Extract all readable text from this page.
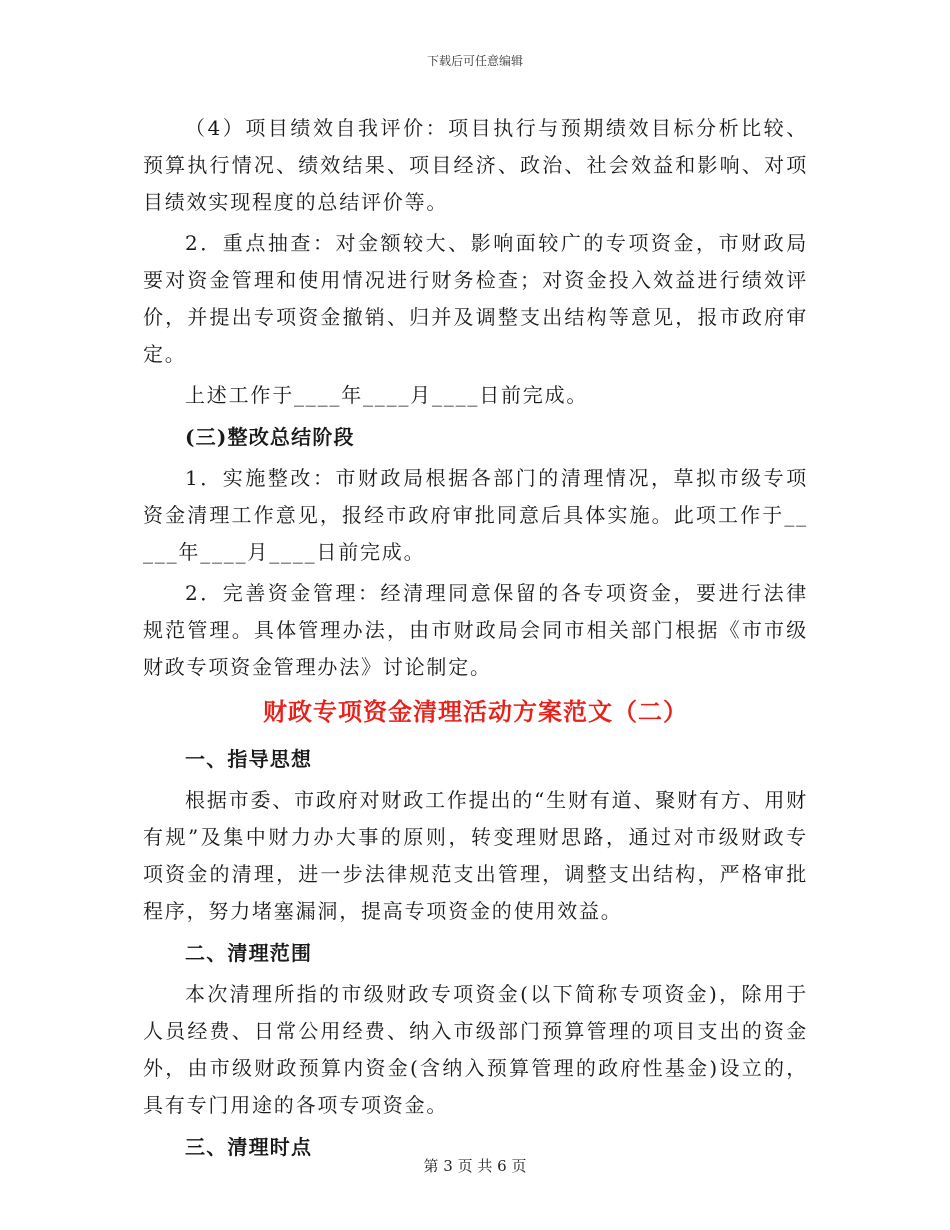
下载后可任意编辑

（4）项目绩效自我评价：项目执行与预期绩效目标分析比较、预算执行情况、绩效结果、项目经济、政治、社会效益和影响、对项目绩效实现程度的总结评价等。

2．重点抽查：对金额较大、影响面较广的专项资金，市财政局要对资金管理和使用情况进行财务检查；对资金投入效益进行绩效评价，并提出专项资金撤销、归并及调整支出结构等意见，报市政府审定。

上述工作于____年____月____日前完成。

(三)整改总结阶段

1．实施整改：市财政局根据各部门的清理情况，草拟市级专项资金清理工作意见，报经市政府审批同意后具体实施。此项工作于_____年____月____日前完成。

2．完善资金管理：经清理同意保留的各专项资金，要进行法律规范管理。具体管理办法，由市财政局会同市相关部门根据《市市级财政专项资金管理办法》讨论制定。

财政专项资金清理活动方案范文（二）

一、指导思想

根据市委、市政府对财政工作提出的“生财有道、聚财有方、用财有规”及集中财力办大事的原则，转变理财思路，通过对市级财政专项资金的清理，进一步法律规范支出管理，调整支出结构，严格审批程序，努力堵塞漏洞，提高专项资金的使用效益。

二、清理范围

本次清理所指的市级财政专项资金(以下简称专项资金)，除用于人员经费、日常公用经费、纳入市级部门预算管理的项目支出的资金外，由市级财政预算内资金(含纳入预算管理的政府性基金)设立的，具有专门用途的各项专项资金。

三、清理时点

第 3 页 共 6 页
